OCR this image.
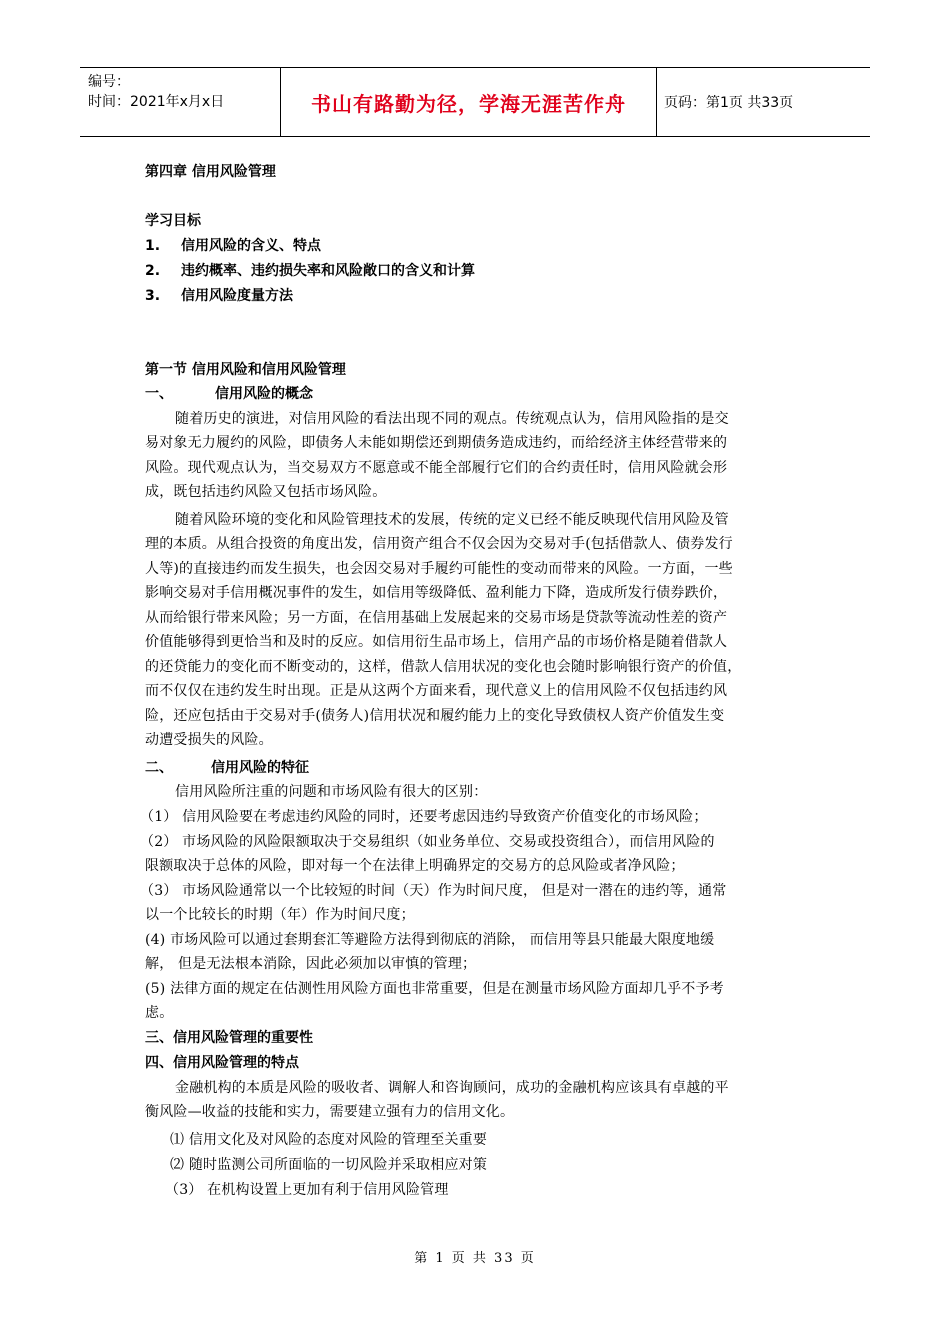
编号：
时间：2021年x月x日	书山有路勤为径，学海无涯苦作舟	页码：第1页 共33页
第四章 信用风险管理
学习目标
1. 信用风险的含义、特点
2. 违约概率、违约损失率和风险敞口的含义和计算
3. 信用风险度量方法
第一节 信用风险和信用风险管理
一、	信用风险的概念
随着历史的演进，对信用风险的看法出现不同的观点。传统观点认为，信用风险指的是交
易对象无力履约的风险，即债务人未能如期偿还到期债务造成违约，而给经济主体经营带来的
风险。现代观点认为，当交易双方不愿意或不能全部履行它们的合约责任时，信用风险就会形
成，既包括违约风险又包括市场风险。
随着风险环境的变化和风险管理技术的发展，传统的定义已经不能反映现代信用风险及管
理的本质。从组合投资的角度出发，信用资产组合不仅会因为交易对手(包括借款人、债券发行
人等)的直接违约而发生损失，也会因交易对手履约可能性的变动而带来的风险。一方面，一些
影响交易对手信用概况事件的发生，如信用等级降低、盈利能力下降，造成所发行债券跌价，
从而给银行带来风险；另一方面，在信用基础上发展起来的交易市场是贷款等流动性差的资产
价值能够得到更恰当和及时的反应。如信用衍生品市场上，信用产品的市场价格是随着借款人
的还贷能力的变化而不断变动的，这样，借款人信用状况的变化也会随时影响银行资产的价值，
而不仅仅在违约发生时出现。正是从这两个方面来看，现代意义上的信用风险不仅包括违约风
险，还应包括由于交易对手(债务人)信用状况和履约能力上的变化导致债权人资产价值发生变
动遭受损失的风险。
二、	信用风险的特征
信用风险所注重的问题和市场风险有很大的区别：
（1） 信用风险要在考虑违约风险的同时，还要考虑因违约导致资产价值变化的市场风险；
（2） 市场风险的风险限额取决于交易组织（如业务单位、交易或投资组合），而信用风险的
限额取决于总体的风险，即对每一个在法律上明确界定的交易方的总风险或者净风险；
（3） 市场风险通常以一个比较短的时间（天）作为时间尺度， 但是对一潜在的违约等，通常
以一个比较长的时期（年）作为时间尺度；
(4) 市场风险可以通过套期套汇等避险方法得到彻底的消除， 而信用等县只能最大限度地缓
解， 但是无法根本消除，因此必须加以审慎的管理；
(5) 法律方面的规定在估测性用风险方面也非常重要，但是在测量市场风险方面却几乎不予考
虑。
三、信用风险管理的重要性
四、信用风险管理的特点
金融机构的本质是风险的吸收者、调解人和咨询顾问，成功的金融机构应该具有卓越的平
衡风险—收益的技能和实力，需要建立强有力的信用文化。
⑴ 信用文化及对风险的态度对风险的管理至关重要
⑵ 随时监测公司所面临的一切风险并采取相应对策
（3） 在机构设置上更加有利于信用风险管理
第 1 页 共 33 页
